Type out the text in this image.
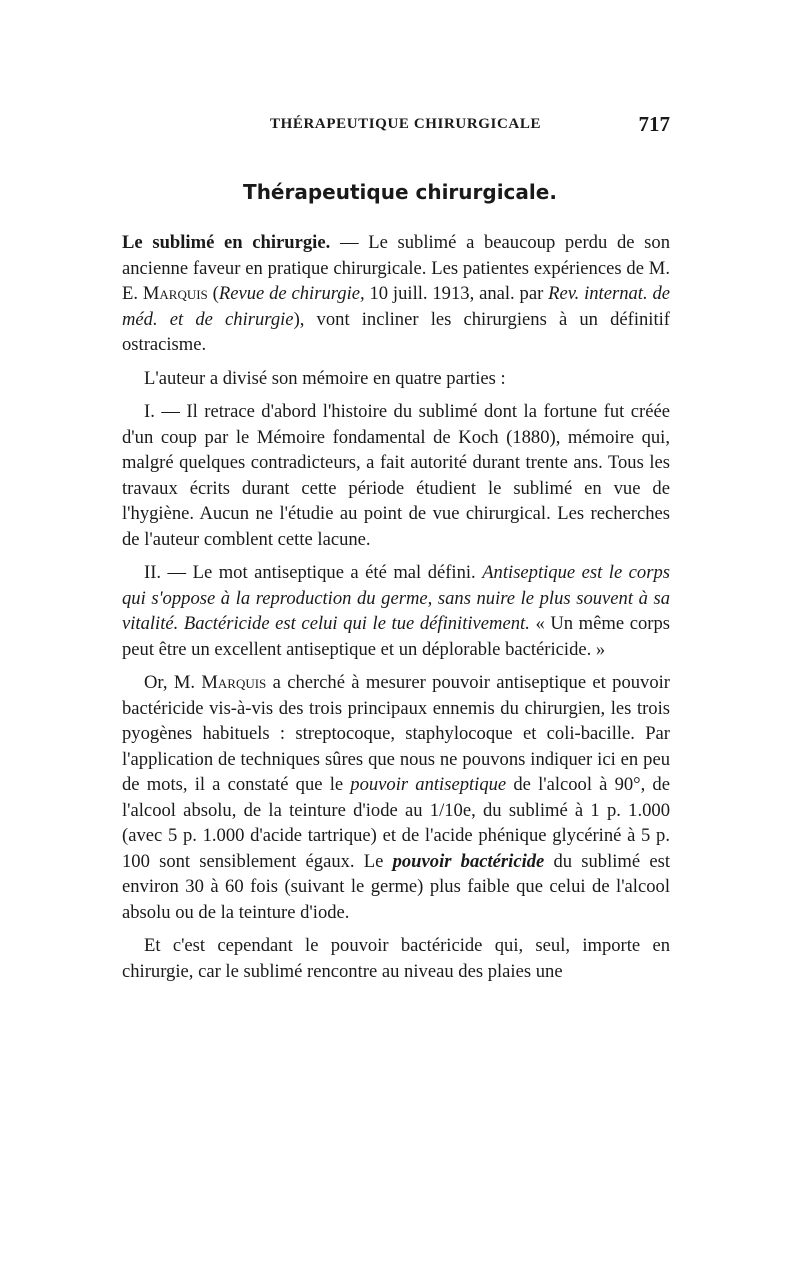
THÉRAPEUTIQUE CHIRURGICALE	717
Thérapeutique chirurgicale.

Le sublimé en chirurgie. — Le sublimé a beaucoup perdu de son ancienne faveur en pratique chirurgicale. Les patientes expériences de M. E. Marquis (Revue de chirurgie, 10 juill. 1913, anal. par Rev. internat. de méd. et de chirurgie), vont incliner les chirurgiens à un définitif ostracisme.

L'auteur a divisé son mémoire en quatre parties :

I. — Il retrace d'abord l'histoire du sublimé dont la fortune fut créée d'un coup par le Mémoire fondamental de Koch (1880), mémoire qui, malgré quelques contradicteurs, a fait autorité durant trente ans. Tous les travaux écrits durant cette période étudient le sublimé en vue de l'hygiène. Aucun ne l'étudie au point de vue chirurgical. Les recherches de l'auteur comblent cette lacune.

II. — Le mot antiseptique a été mal défini. Antiseptique est le corps qui s'oppose à la reproduction du germe, sans nuire le plus souvent à sa vitalité. Bactéricide est celui qui le tue définitivement. « Un même corps peut être un excellent antiseptique et un déplorable bactéricide. »

Or, M. Marquis a cherché à mesurer pouvoir antiseptique et pouvoir bactéricide vis-à-vis des trois principaux ennemis du chirurgien, les trois pyogènes habituels : streptocoque, staphylocoque et coli-bacille. Par l'application de techniques sûres que nous ne pouvons indiquer ici en peu de mots, il a constaté que le pouvoir antiseptique de l'alcool à 90°, de l'alcool absolu, de la teinture d'iode au 1/10e, du sublimé à 1 p. 1.000 (avec 5 p. 1.000 d'acide tartrique) et de l'acide phénique glycériné à 5 p. 100 sont sensiblement égaux. Le pouvoir bactéricide du sublimé est environ 30 à 60 fois (suivant le germe) plus faible que celui de l'alcool absolu ou de la teinture d'iode.

Et c'est cependant le pouvoir bactéricide qui, seul, importe en chirurgie, car le sublimé rencontre au niveau des plaies une
